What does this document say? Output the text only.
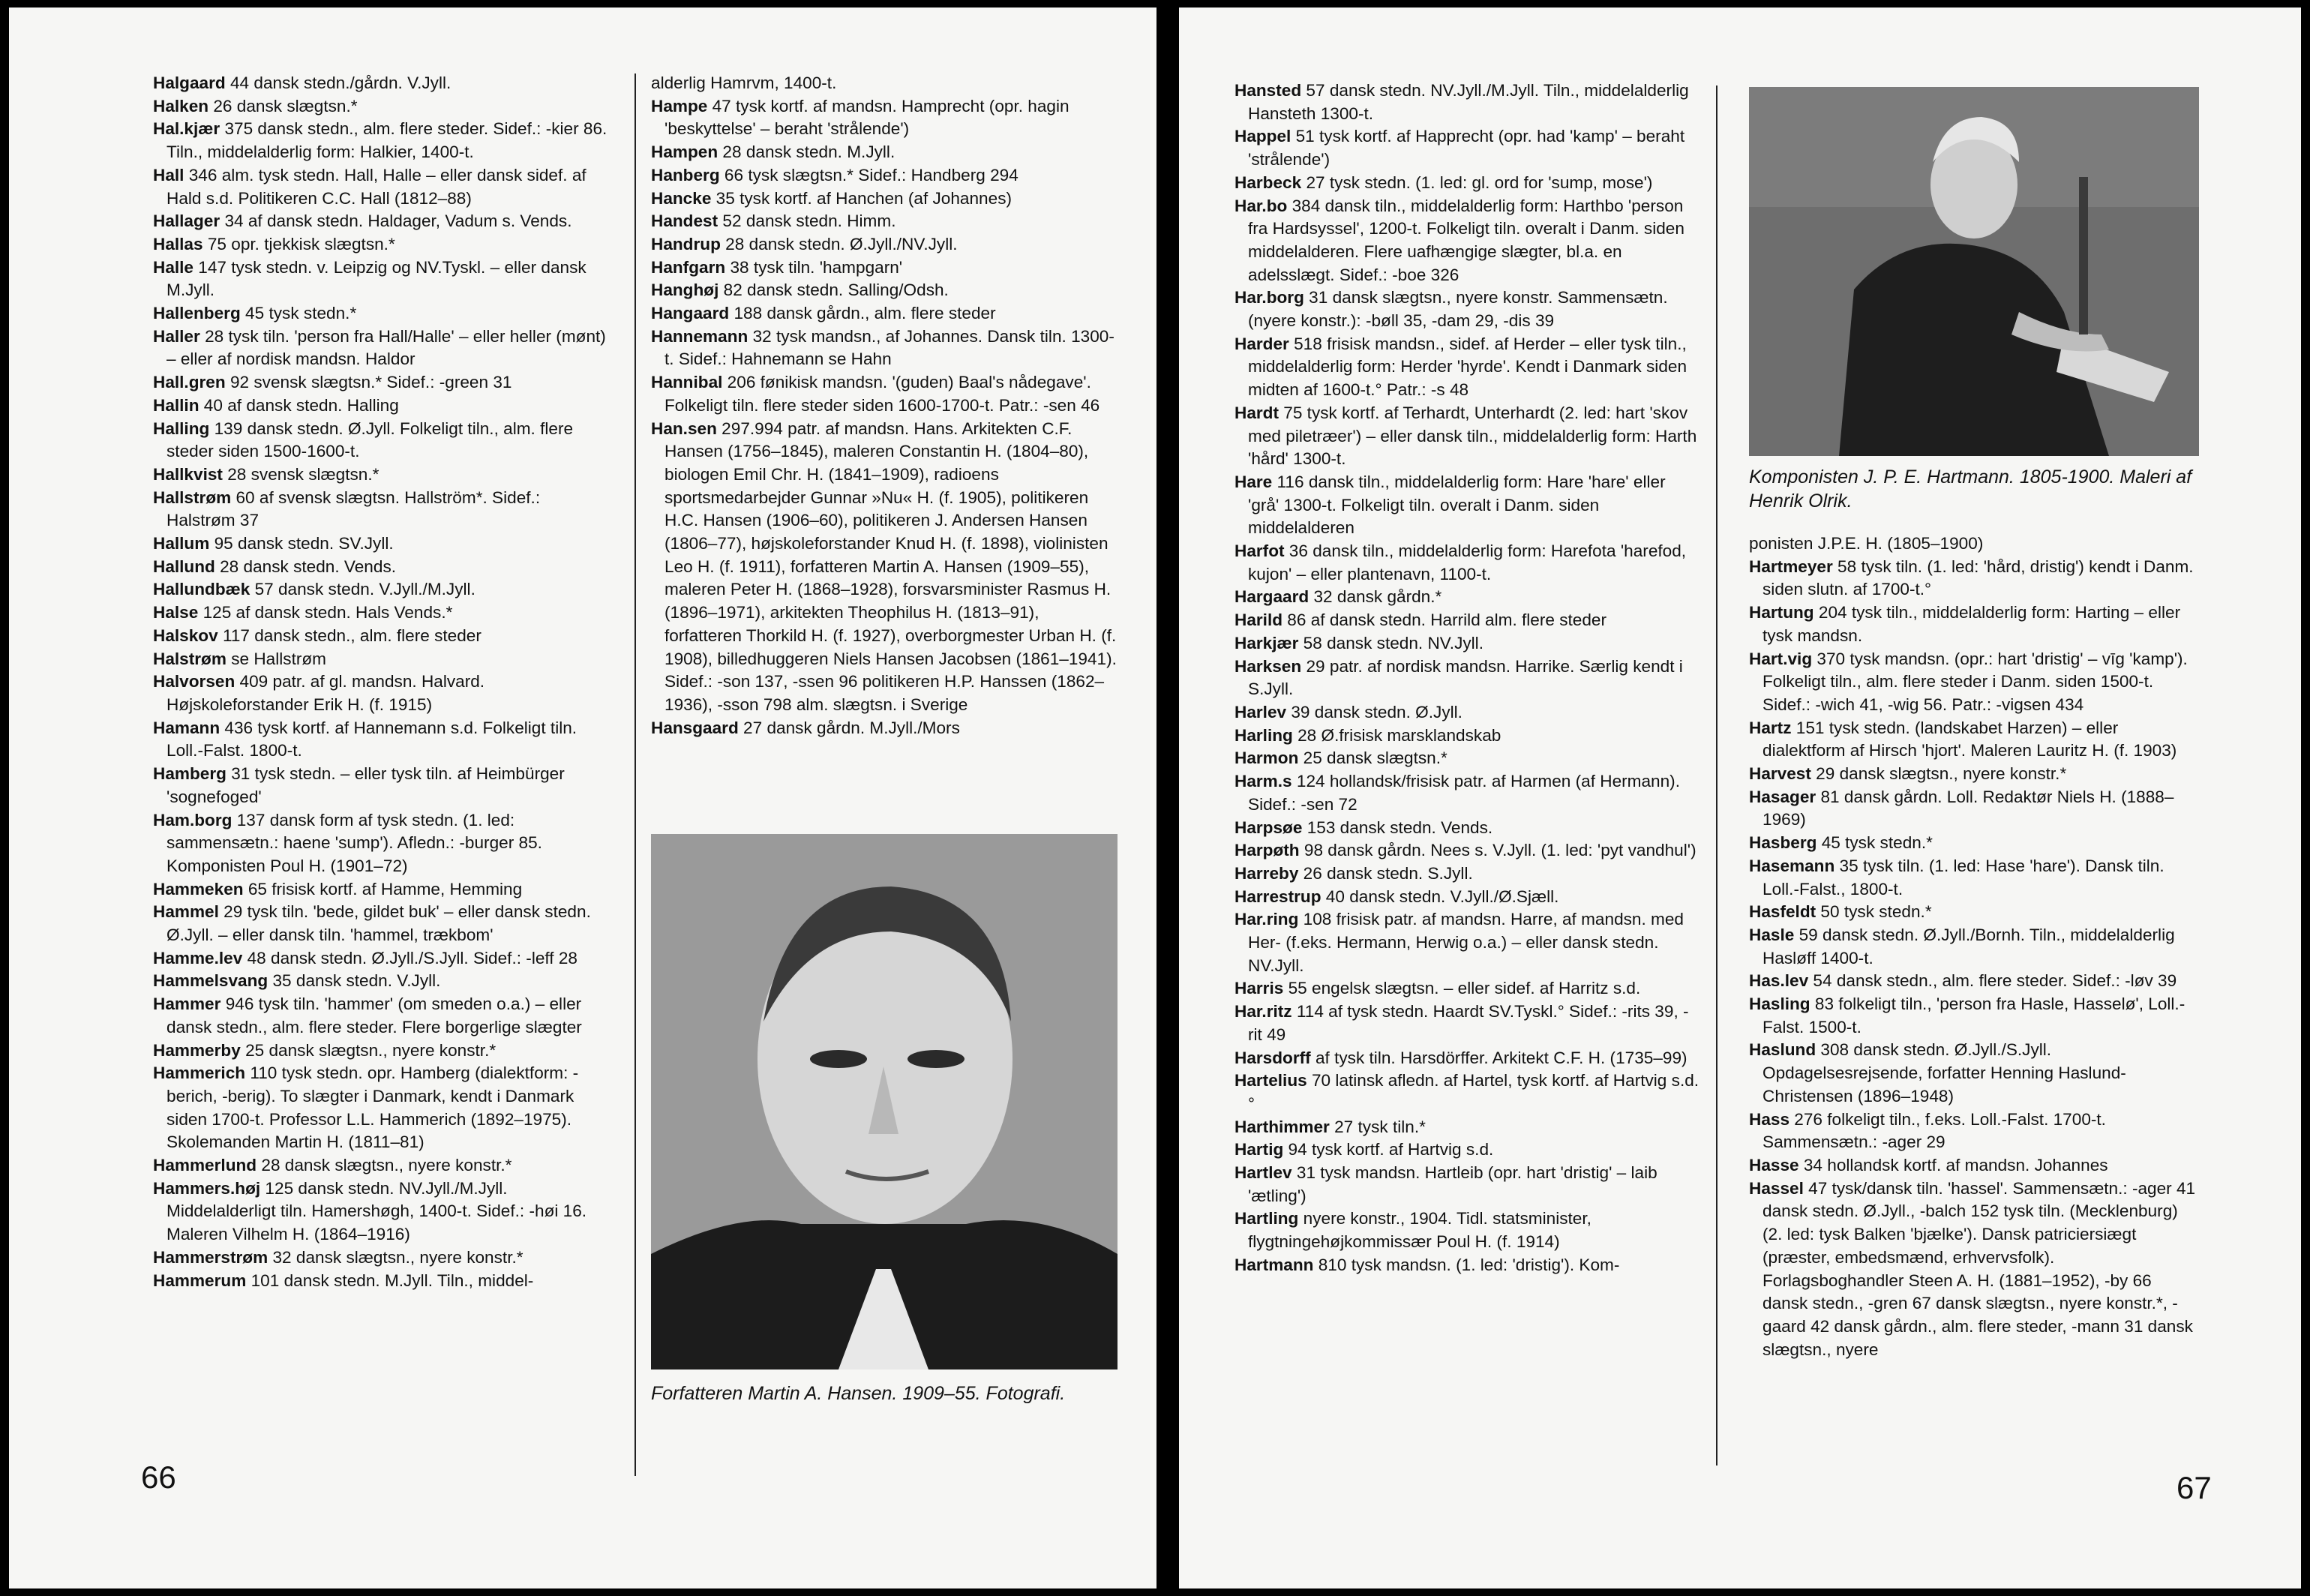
Halgaard 44 dansk stedn./gårdn. V.Jyll.

Halken 26 dansk slægtsn.*

Hal.kjær 375 dansk stedn., alm. flere steder. Sidef.: -kier 86. Tiln., middelalderlig form: Halkier, 1400-t.

Hall 346 alm. tysk stedn. Hall, Halle – eller dansk sidef. af Hald s.d. Politikeren C.C. Hall (1812–88)

Hallager 34 af dansk stedn. Haldager, Vadum s. Vends.

Hallas 75 opr. tjekkisk slægtsn.*

Halle 147 tysk stedn. v. Leipzig og NV.Tyskl. – eller dansk M.Jyll.

Hallenberg 45 tysk stedn.*

Haller 28 tysk tiln. 'person fra Hall/Halle' – eller heller (mønt) – eller af nordisk mandsn. Haldor

Hall.gren 92 svensk slægtsn.* Sidef.: -green 31

Hallin 40 af dansk stedn. Halling

Halling 139 dansk stedn. Ø.Jyll. Folkeligt tiln., alm. flere steder siden 1500-1600-t.

Hallkvist 28 svensk slægtsn.*

Hallstrøm 60 af svensk slægtsn. Hallström*. Sidef.: Halstrøm 37

Hallum 95 dansk stedn. SV.Jyll.

Hallund 28 dansk stedn. Vends.

Hallundbæk 57 dansk stedn. V.Jyll./M.Jyll.

Halse 125 af dansk stedn. Hals Vends.*

Halskov 117 dansk stedn., alm. flere steder

Halstrøm se Hallstrøm

Halvorsen 409 patr. af gl. mandsn. Halvard. Højskoleforstander Erik H. (f. 1915)

Hamann 436 tysk kortf. af Hannemann s.d. Folkeligt tiln. Loll.-Falst. 1800-t.

Hamberg 31 tysk stedn. – eller tysk tiln. af Heimbürger 'sognefoged'

Ham.borg 137 dansk form af tysk stedn. (1. led: sammensætn.: haene 'sump'). Afledn.: -burger 85. Komponisten Poul H. (1901–72)

Hammeken 65 frisisk kortf. af Hamme, Hemming

Hammel 29 tysk tiln. 'bede, gildet buk' – eller dansk stedn. Ø.Jyll. – eller dansk tiln. 'hammel, trækbom'

Hamme.lev 48 dansk stedn. Ø.Jyll./S.Jyll. Sidef.: -leff 28

Hammelsvang 35 dansk stedn. V.Jyll.

Hammer 946 tysk tiln. 'hammer' (om smeden o.a.) – eller dansk stedn., alm. flere steder. Flere borgerlige slægter

Hammerby 25 dansk slægtsn., nyere konstr.*

Hammerich 110 tysk stedn. opr. Hamberg (dialektform: -berich, -berig). To slægter i Danmark, kendt i Danmark siden 1700-t. Professor L.L. Hammerich (1892–1975). Skolemanden Martin H. (1811–81)

Hammerlund 28 dansk slægtsn., nyere konstr.*

Hammers.høj 125 dansk stedn. NV.Jyll./M.Jyll. Middelalderligt tiln. Hamershøgh, 1400-t. Sidef.: -høi 16. Maleren Vilhelm H. (1864–1916)

Hammerstrøm 32 dansk slægtsn., nyere konstr.*

Hammerum 101 dansk stedn. M.Jyll. Tiln., middel-

alderlig Hamrvm, 1400-t.

Hampe 47 tysk kortf. af mandsn. Hamprecht (opr. hagin 'beskyttelse' – beraht 'strålende')

Hampen 28 dansk stedn. M.Jyll.

Hanberg 66 tysk slægtsn.* Sidef.: Handberg 294

Hancke 35 tysk kortf. af Hanchen (af Johannes)

Handest 52 dansk stedn. Himm.

Handrup 28 dansk stedn. Ø.Jyll./NV.Jyll.

Hanfgarn 38 tysk tiln. 'hampgarn'

Hanghøj 82 dansk stedn. Salling/Odsh.

Hangaard 188 dansk gårdn., alm. flere steder

Hannemann 32 tysk mandsn., af Johannes. Dansk tiln. 1300-t. Sidef.: Hahnemann se Hahn

Hannibal 206 fønikisk mandsn. '(guden) Baal's nådegave'. Folkeligt tiln. flere steder siden 1600-1700-t. Patr.: -sen 46

Han.sen 297.994 patr. af mandsn. Hans. Arkitekten C.F. Hansen (1756–1845), maleren Constantin H. (1804–80), biologen Emil Chr. H. (1841–1909), radioens sportsmedarbejder Gunnar »Nu« H. (f. 1905), politikeren H.C. Hansen (1906–60), politikeren J. Andersen Hansen (1806–77), højskoleforstander Knud H. (f. 1898), violinisten Leo H. (f. 1911), forfatteren Martin A. Hansen (1909–55), maleren Peter H. (1868–1928), forsvarsminister Rasmus H. (1896–1971), arkitekten Theophilus H. (1813–91), forfatteren Thorkild H. (f. 1927), overborgmester Urban H. (f. 1908), billedhuggeren Niels Hansen Jacobsen (1861–1941). Sidef.: -son 137, -ssen 96 politikeren H.P. Hanssen (1862–1936), -sson 798 alm. slægtsn. i Sverige

Hansgaard 27 dansk gårdn. M.Jyll./Mors

Forfatteren Martin A. Hansen. 1909–55. Fotografi.
66

Hansted 57 dansk stedn. NV.Jyll./M.Jyll. Tiln., middelalderlig Hansteth 1300-t.

Happel 51 tysk kortf. af Happrecht (opr. had 'kamp' – beraht 'strålende')

Harbeck 27 tysk stedn. (1. led: gl. ord for 'sump, mose')

Har.bo 384 dansk tiln., middelalderlig form: Harthbo 'person fra Hardsyssel', 1200-t. Folkeligt tiln. overalt i Danm. siden middelalderen. Flere uafhængige slægter, bl.a. en adelsslægt. Sidef.: -boe 326

Har.borg 31 dansk slægtsn., nyere konstr. Sammensætn. (nyere konstr.): -bøll 35, -dam 29, -dis 39

Harder 518 frisisk mandsn., sidef. af Herder – eller tysk tiln., middelalderlig form: Herder 'hyrde'. Kendt i Danmark siden midten af 1600-t.° Patr.: -s 48

Hardt 75 tysk kortf. af Terhardt, Unterhardt (2. led: hart 'skov med piletræer') – eller dansk tiln., middelalderlig form: Harth 'hård' 1300-t.

Hare 116 dansk tiln., middelalderlig form: Hare 'hare' eller 'grå' 1300-t. Folkeligt tiln. overalt i Danm. siden middelalderen

Harfot 36 dansk tiln., middelalderlig form: Harefota 'harefod, kujon' – eller plantenavn, 1100-t.

Hargaard 32 dansk gårdn.*

Harild 86 af dansk stedn. Harrild alm. flere steder

Harkjær 58 dansk stedn. NV.Jyll.

Harksen 29 patr. af nordisk mandsn. Harrike. Særlig kendt i S.Jyll.

Harlev 39 dansk stedn. Ø.Jyll.

Harling 28 Ø.frisisk marsklandskab

Harmon 25 dansk slægtsn.*

Harm.s 124 hollandsk/frisisk patr. af Harmen (af Hermann). Sidef.: -sen 72

Harpsøe 153 dansk stedn. Vends.

Harpøth 98 dansk gårdn. Nees s. V.Jyll. (1. led: 'pyt vandhul')

Harreby 26 dansk stedn. S.Jyll.

Harrestrup 40 dansk stedn. V.Jyll./Ø.Sjæll.

Har.ring 108 frisisk patr. af mandsn. Harre, af mandsn. med Her- (f.eks. Hermann, Herwig o.a.) – eller dansk stedn. NV.Jyll.

Harris 55 engelsk slægtsn. – eller sidef. af Harritz s.d.

Har.ritz 114 af tysk stedn. Haardt SV.Tyskl.° Sidef.: -rits 39, -rit 49

Harsdorff af tysk tiln. Harsdörffer. Arkitekt C.F. H. (1735–99)

Hartelius 70 latinsk afledn. af Hartel, tysk kortf. af Hartvig s.d.°

Harthimmer 27 tysk tiln.*

Hartig 94 tysk kortf. af Hartvig s.d.

Hartlev 31 tysk mandsn. Hartleib (opr. hart 'dristig' – laib 'ætling')

Hartling nyere konstr., 1904. Tidl. statsminister, flygtningehøjkommissær Poul H. (f. 1914)

Hartmann 810 tysk mandsn. (1. led: 'dristig'). Kom-

Komponisten J. P. E. Hartmann. 1805-1900. Maleri af Henrik Olrik.

ponisten J.P.E. H. (1805–1900)

Hartmeyer 58 tysk tiln. (1. led: 'hård, dristig') kendt i Danm. siden slutn. af 1700-t.°

Hartung 204 tysk tiln., middelalderlig form: Harting – eller tysk mandsn.

Hart.vig 370 tysk mandsn. (opr.: hart 'dristig' – vīg 'kamp'). Folkeligt tiln., alm. flere steder i Danm. siden 1500-t. Sidef.: -wich 41, -wig 56. Patr.: -vigsen 434

Hartz 151 tysk stedn. (landskabet Harzen) – eller dialektform af Hirsch 'hjort'. Maleren Lauritz H. (f. 1903)

Harvest 29 dansk slægtsn., nyere konstr.*

Hasager 81 dansk gårdn. Loll. Redaktør Niels H. (1888–1969)

Hasberg 45 tysk stedn.*

Hasemann 35 tysk tiln. (1. led: Hase 'hare'). Dansk tiln. Loll.-Falst., 1800-t.

Hasfeldt 50 tysk stedn.*

Hasle 59 dansk stedn. Ø.Jyll./Bornh. Tiln., middelalderlig Hasløff 1400-t.

Has.lev 54 dansk stedn., alm. flere steder. Sidef.: -løv 39

Hasling 83 folkeligt tiln., 'person fra Hasle, Hasselø', Loll.-Falst. 1500-t.

Haslund 308 dansk stedn. Ø.Jyll./S.Jyll. Opdagelsesrejsende, forfatter Henning Haslund-Christensen (1896–1948)

Hass 276 folkeligt tiln., f.eks. Loll.-Falst. 1700-t. Sammensætn.: -ager 29

Hasse 34 hollandsk kortf. af mandsn. Johannes

Hassel 47 tysk/dansk tiln. 'hassel'. Sammensætn.: -ager 41 dansk stedn. Ø.Jyll., -balch 152 tysk tiln. (Mecklenburg) (2. led: tysk Balken 'bjælke'). Dansk patriciersiægt (præster, embedsmænd, erhvervsfolk). Forlagsboghandler Steen A. H. (1881–1952), -by 66 dansk stedn., -gren 67 dansk slægtsn., nyere konstr.*, -gaard 42 dansk gårdn., alm. flere steder, -mann 31 dansk slægtsn., nyere

67
